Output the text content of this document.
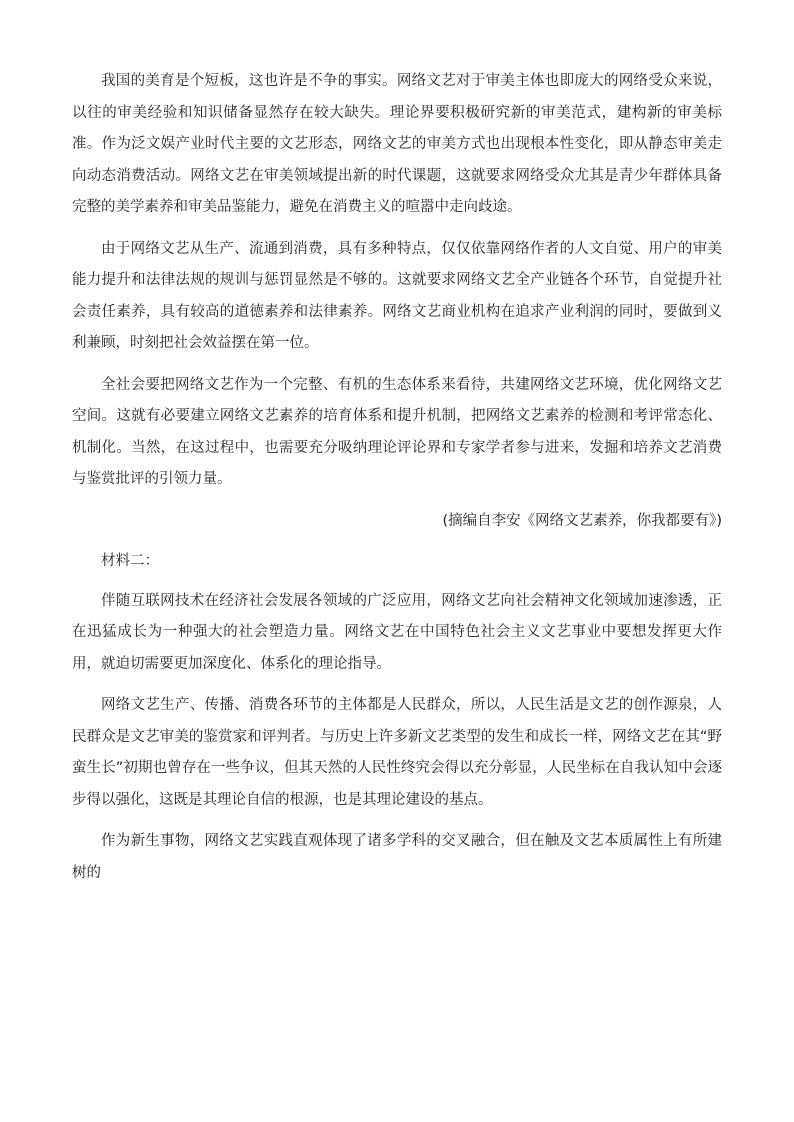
我国的美育是个短板，这也许是不争的事实。网络文艺对于审美主体也即庞大的网络受众来说，以往的审美经验和知识储备显然存在较大缺失。理论界要积极研究新的审美范式，建构新的审美标准。作为泛文娱产业时代主要的文艺形态，网络文艺的审美方式也出现根本性变化，即从静态审美走向动态消费活动。网络文艺在审美领域提出新的时代课题，这就要求网络受众尤其是青少年群体具备完整的美学素养和审美品鉴能力，避免在消费主义的喧嚣中走向歧途。

由于网络文艺从生产、流通到消费，具有多种特点，仅仅依靠网络作者的人文自觉、用户的审美能力提升和法律法规的规训与惩罚显然是不够的。这就要求网络文艺全产业链各个环节，自觉提升社会责任素养，具有较高的道德素养和法律素养。网络文艺商业机构在追求产业利润的同时，要做到义利兼顾，时刻把社会效益摆在第一位。

全社会要把网络文艺作为一个完整、有机的生态体系来看待，共建网络文艺环境，优化网络文艺空间。这就有必要建立网络文艺素养的培育体系和提升机制，把网络文艺素养的检测和考评常态化、机制化。当然，在这过程中，也需要充分吸纳理论评论界和专家学者参与进来，发掘和培养文艺消费与鉴赏批评的引领力量。

(摘编自李安《网络文艺素养，你我都要有》)

材料二：

伴随互联网技术在经济社会发展各领域的广泛应用，网络文艺向社会精神文化领域加速渗透，正在迅猛成长为一种强大的社会塑造力量。网络文艺在中国特色社会主义文艺事业中要想发挥更大作用，就迫切需要更加深度化、体系化的理论指导。

网络文艺生产、传播、消费各环节的主体都是人民群众，所以，人民生活是文艺的创作源泉，人民群众是文艺审美的鉴赏家和评判者。与历史上许多新文艺类型的发生和成长一样，网络文艺在其“野蛮生长”初期也曾存在一些争议，但其天然的人民性终究会得以充分彰显，人民坐标在自我认知中会逐步得以强化，这既是其理论自信的根源，也是其理论建设的基点。

作为新生事物，网络文艺实践直观体现了诸多学科的交叉融合，但在触及文艺本质属性上有所建树的
